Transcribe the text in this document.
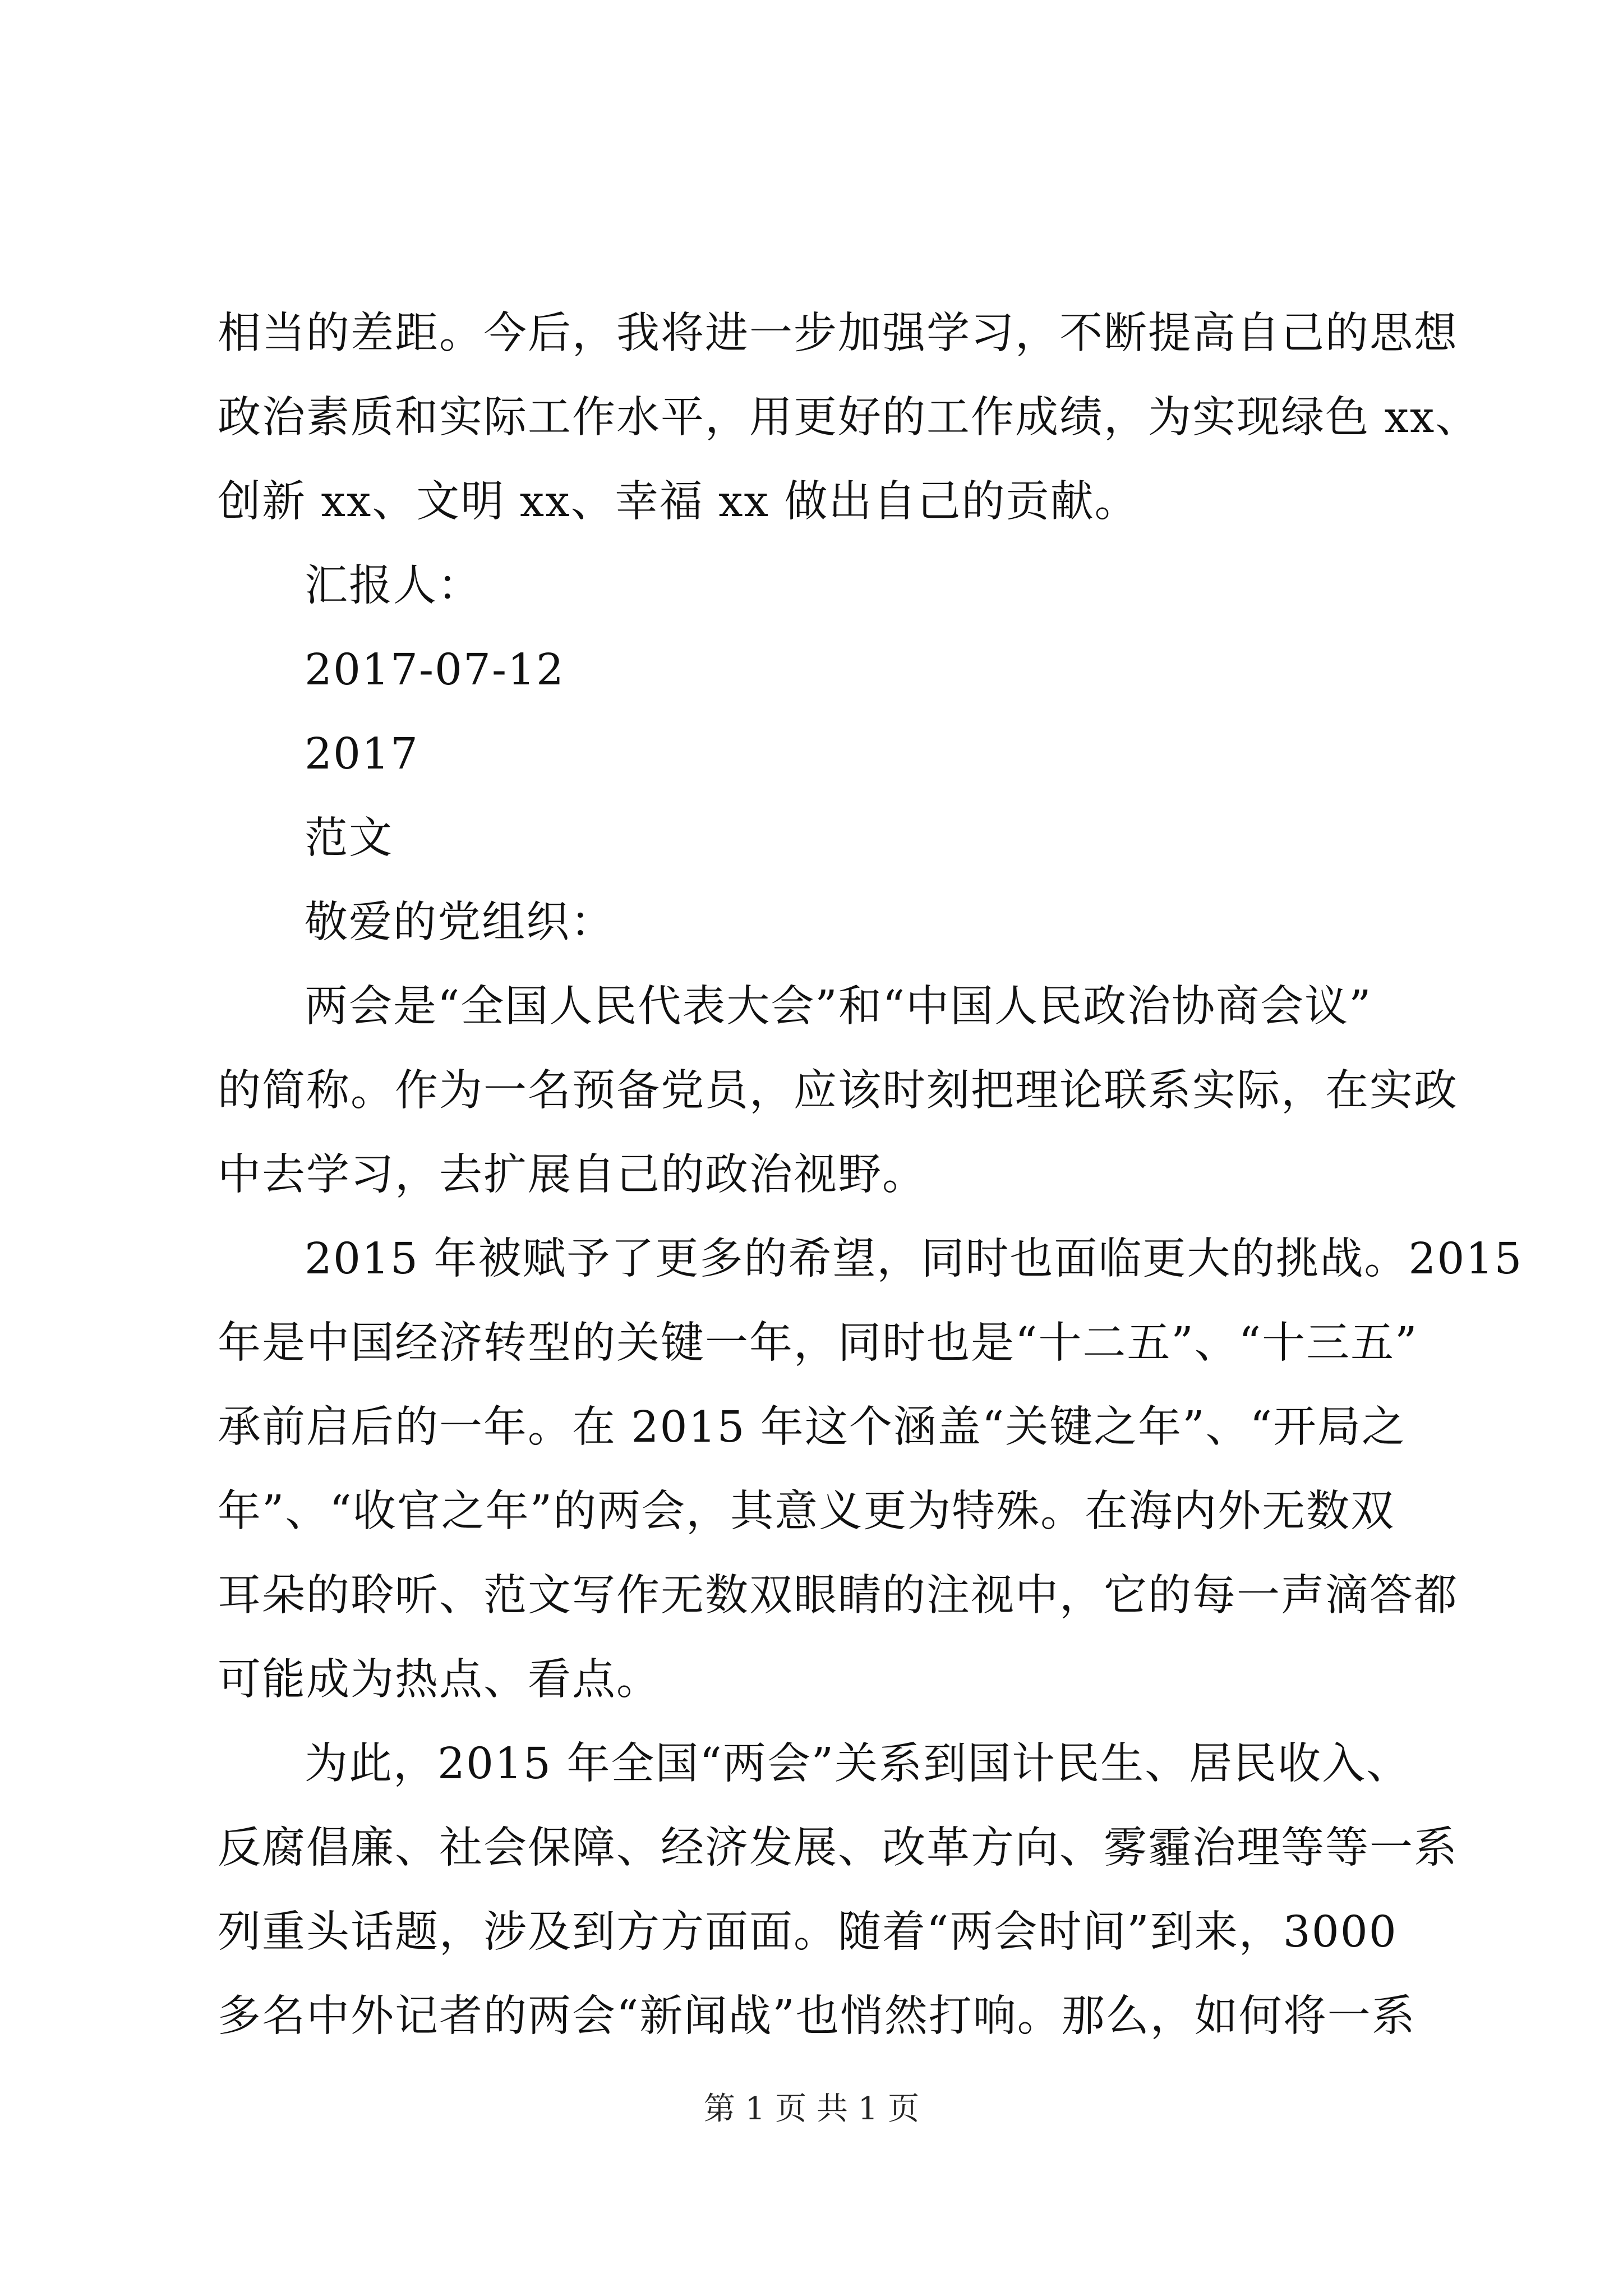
相当的差距。今后，我将进一步加强学习，不断提高自己的思想
政治素质和实际工作水平，用更好的工作成绩，为实现绿色 xx、
创新 xx、文明 xx、幸福 xx 做出自己的贡献。
汇报人：
2017-07-12
2017
范文
敬爱的党组织：
两会是“全国人民代表大会”和“中国人民政治协商会议”
的简称。作为一名预备党员，应该时刻把理论联系实际，在实政
中去学习，去扩展自己的政治视野。
2015 年被赋予了更多的希望，同时也面临更大的挑战。2015
年是中国经济转型的关键一年，同时也是“十二五”、“十三五”
承前启后的一年。在 2015 年这个涵盖“关键之年”、“开局之
年”、“收官之年”的两会，其意义更为特殊。在海内外无数双
耳朵的聆听、范文写作无数双眼睛的注视中，它的每一声滴答都
可能成为热点、看点。
为此，2015 年全国“两会”关系到国计民生、居民收入、
反腐倡廉、社会保障、经济发展、改革方向、雾霾治理等等一系
列重头话题，涉及到方方面面。随着“两会时间”到来，3000
多名中外记者的两会“新闻战”也悄然打响。那么，如何将一系
第 1 页 共 1 页
